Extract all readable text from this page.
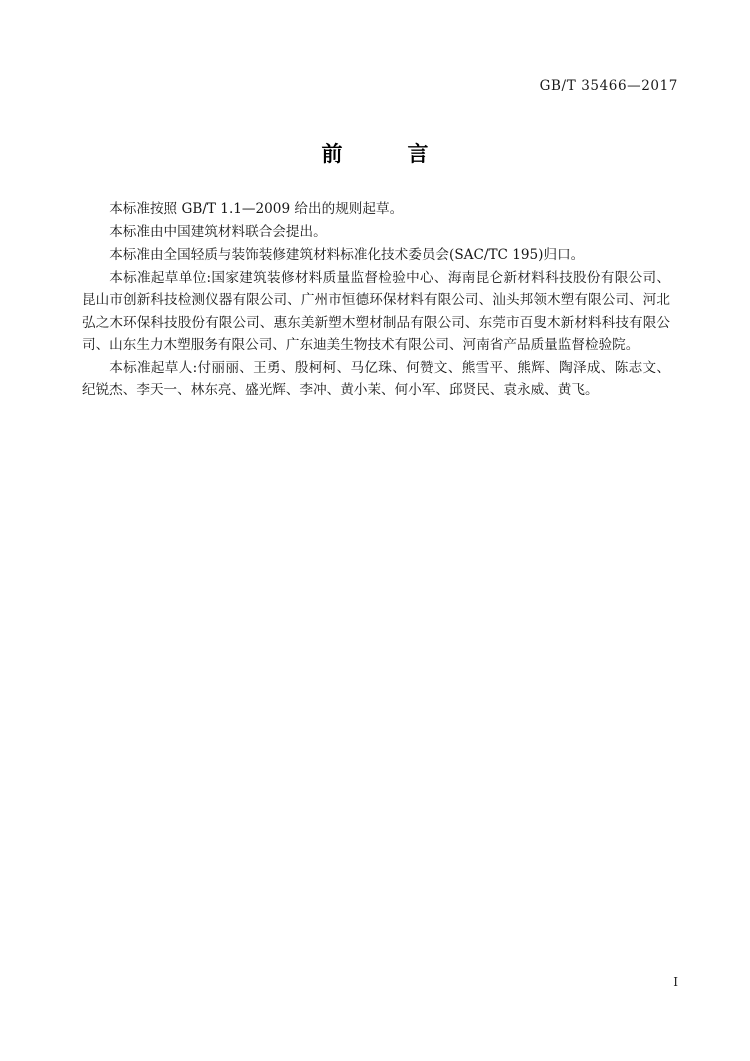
GB/T 35466—2017
前　言

本标准按照 GB/T 1.1—2009 给出的规则起草。

本标准由中国建筑材料联合会提出。

本标准由全国轻质与装饰装修建筑材料标准化技术委员会(SAC/TC 195)归口。

本标准起草单位:国家建筑装修材料质量监督检验中心、海南昆仑新材料科技股份有限公司、昆山市创新科技检测仪器有限公司、广州市恒德环保材料有限公司、汕头邦领木塑有限公司、河北弘之木环保科技股份有限公司、惠东美新塑木塑材制品有限公司、东莞市百叟木新材料科技有限公司、山东生力木塑服务有限公司、广东迪美生物技术有限公司、河南省产品质量监督检验院。

本标准起草人:付丽丽、王勇、殷柯柯、马亿珠、何赞文、熊雪平、熊辉、陶泽成、陈志文、纪锐杰、李天一、林东亮、盛光辉、李冲、黄小茉、何小军、邱贤民、袁永威、黄飞。

Ⅰ
